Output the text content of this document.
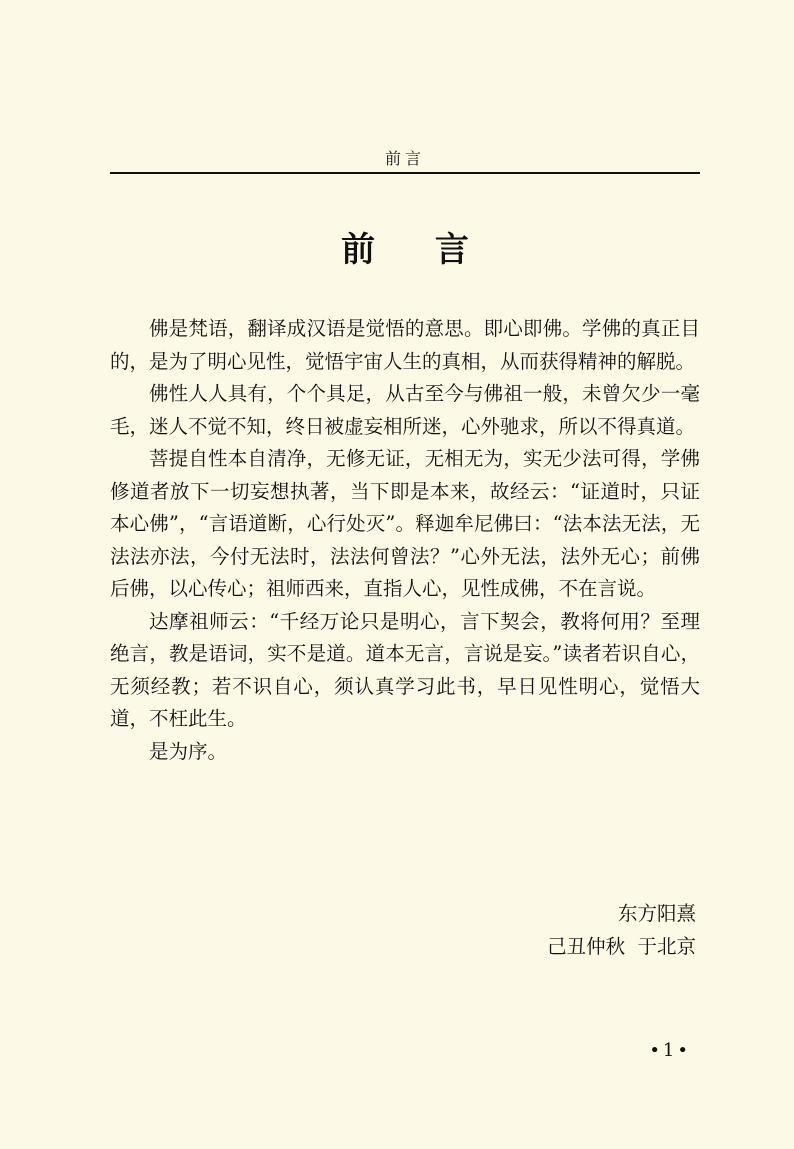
前言
前 言

佛是梵语，翻译成汉语是觉悟的意思。即心即佛。学佛的真正目的，是为了明心见性，觉悟宇宙人生的真相，从而获得精神的解脱。

佛性人人具有，个个具足，从古至今与佛祖一般，未曾欠少一毫毛，迷人不觉不知，终日被虚妄相所迷，心外驰求，所以不得真道。

菩提自性本自清净，无修无证，无相无为，实无少法可得，学佛修道者放下一切妄想执著，当下即是本来，故经云：“证道时，只证本心佛”，“言语道断，心行处灭”。释迦牟尼佛曰：“法本法无法，无法法亦法，今付无法时，法法何曾法？”心外无法，法外无心；前佛后佛，以心传心；祖师西来，直指人心，见性成佛，不在言说。

达摩祖师云：“千经万论只是明心，言下契会，教将何用？至理绝言，教是语词，实不是道。道本无言，言说是妄。”读者若识自心，无须经教；若不识自心，须认真学习此书，早日见性明心，觉悟大道，不枉此生。

是为序。

东方阳熹
己丑仲秋  于北京
•1•
